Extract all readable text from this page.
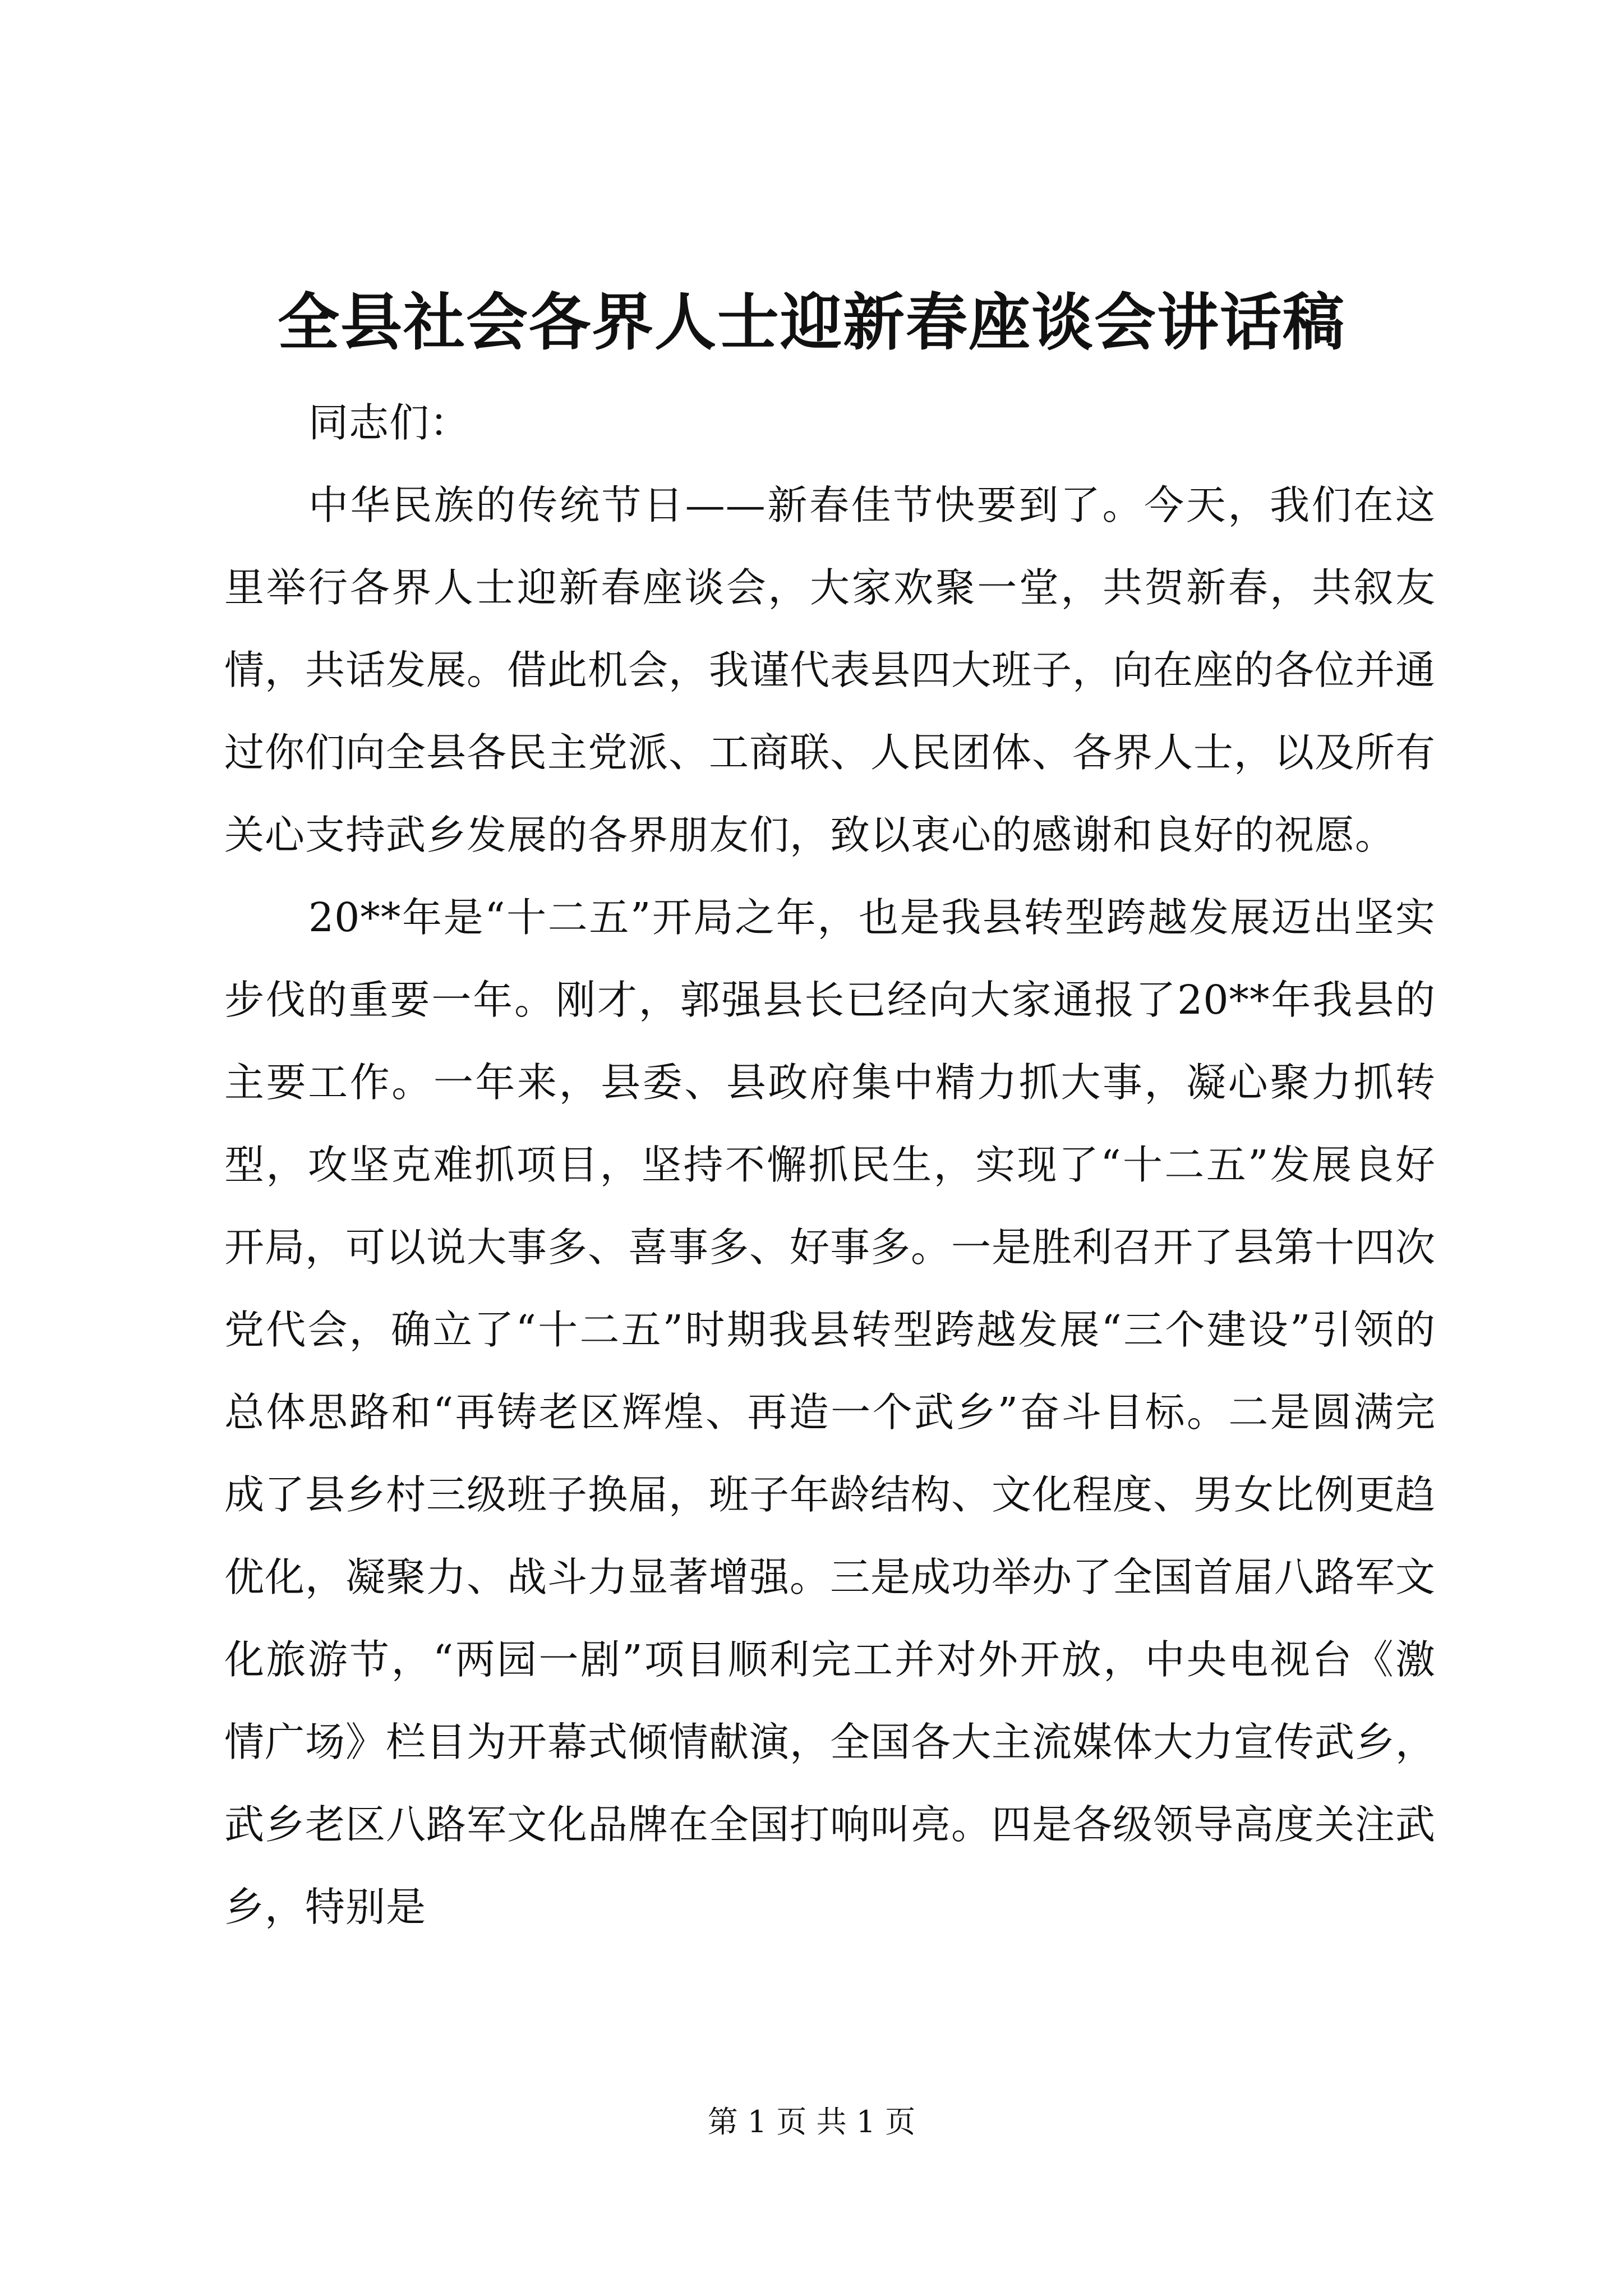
全县社会各界人士迎新春座谈会讲话稿

同志们：

中华民族的传统节日——新春佳节快要到了。今天，我们在这里举行各界人士迎新春座谈会，大家欢聚一堂，共贺新春，共叙友情，共话发展。借此机会，我谨代表县四大班子，向在座的各位并通过你们向全县各民主党派、工商联、人民团体、各界人士，以及所有关心支持武乡发展的各界朋友们，致以衷心的感谢和良好的祝愿。

20**年是“十二五”开局之年，也是我县转型跨越发展迈出坚实步伐的重要一年。刚才，郭强县长已经向大家通报了20**年我县的主要工作。一年来，县委、县政府集中精力抓大事，凝心聚力抓转型，攻坚克难抓项目，坚持不懈抓民生，实现了“十二五”发展良好开局，可以说大事多、喜事多、好事多。一是胜利召开了县第十四次党代会，确立了“十二五”时期我县转型跨越发展“三个建设”引领的总体思路和“再铸老区辉煌、再造一个武乡”奋斗目标。二是圆满完成了县乡村三级班子换届，班子年龄结构、文化程度、男女比例更趋优化，凝聚力、战斗力显著增强。三是成功举办了全国首届八路军文化旅游节，“两园一剧”项目顺利完工并对外开放，中央电视台《激情广场》栏目为开幕式倾情献演，全国各大主流媒体大力宣传武乡，武乡老区八路军文化品牌在全国打响叫亮。四是各级领导高度关注武乡，特别是

第 1 页 共 1 页
